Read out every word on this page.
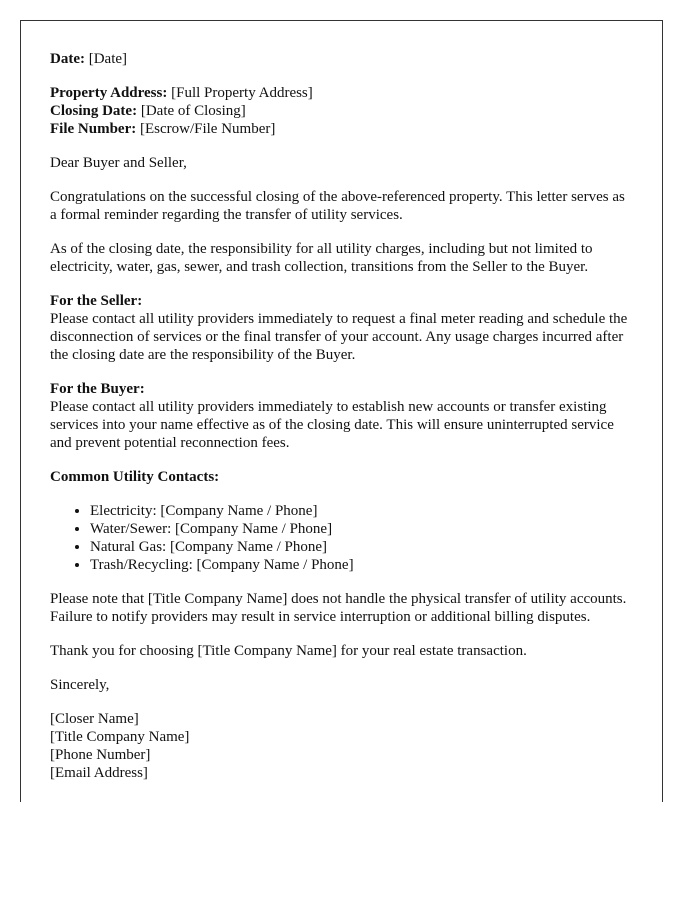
Date: [Date]

Property Address: [Full Property Address]
Closing Date: [Date of Closing]
File Number: [Escrow/File Number]

Dear Buyer and Seller,

Congratulations on the successful closing of the above-referenced property. This letter serves as a formal reminder regarding the transfer of utility services.

As of the closing date, the responsibility for all utility charges, including but not limited to electricity, water, gas, sewer, and trash collection, transitions from the Seller to the Buyer.

For the Seller:
Please contact all utility providers immediately to request a final meter reading and schedule the disconnection of services or the final transfer of your account. Any usage charges incurred after the closing date are the responsibility of the Buyer.

For the Buyer:
Please contact all utility providers immediately to establish new accounts or transfer existing services into your name effective as of the closing date. This will ensure uninterrupted service and prevent potential reconnection fees.

Common Utility Contacts:

• Electricity: [Company Name / Phone]
• Water/Sewer: [Company Name / Phone]
• Natural Gas: [Company Name / Phone]
• Trash/Recycling: [Company Name / Phone]

Please note that [Title Company Name] does not handle the physical transfer of utility accounts. Failure to notify providers may result in service interruption or additional billing disputes.

Thank you for choosing [Title Company Name] for your real estate transaction.

Sincerely,

[Closer Name]
[Title Company Name]
[Phone Number]
[Email Address]
